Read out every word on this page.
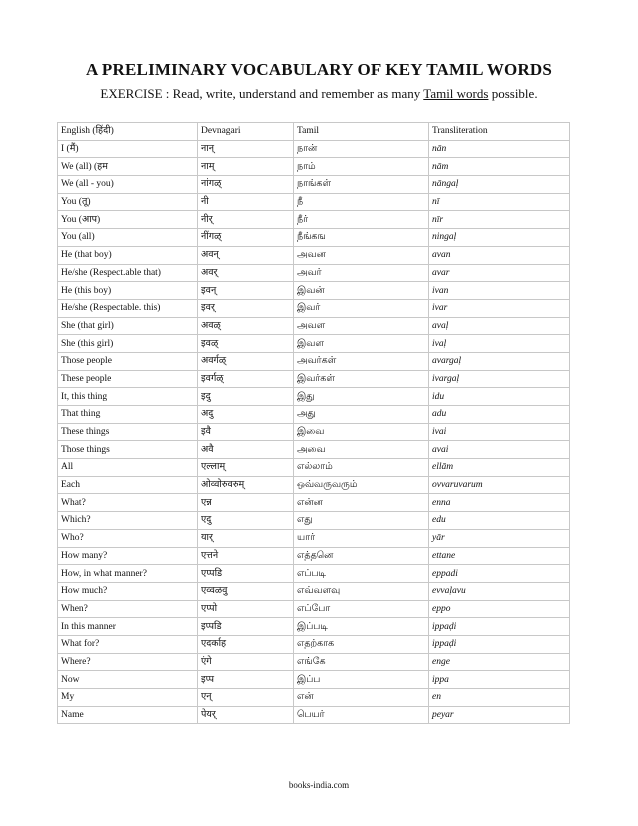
A PRELIMINARY VOCABULARY OF KEY TAMIL WORDS
EXERCISE : Read, write, understand and remember as many Tamil words possible.
English (हिंदी)	Devnagari	Tamil	Transliteration
I (मैं)	नान्	நான்	nān
We (all) (हम	नाम्	நாம்	nām
We (all - you)	नांगळ्	நாங்கள்	nāngaḷ
You (तू)	नी	நீ	nī
You (आप)	नीर्	நீர்	nīr
You (all)	नींगळ्	நீங்கங	ningaḷ
He (that boy)	अवन्	அவன	avan
He/she (Respect.able that)	अवर्	அவர்	avar
He (this boy)	इवन्	இவன்	ivan
He/she (Respectable. this)	इवर्	இவர்	ivar
She (that girl)	अवळ्	அவள	avaḷ
She (this girl)	इवळ्	இவள	ivaḷ
Those people	अवर्गळ्	அவர்கள்	avargaḷ
These people	इवर्गळ्	இவர்கள்	ivargaḷ
It, this thing	इदु	இது	idu
That thing	अदु	அது	adu
These things	इवै	இவை	ivai
Those things	अवै	அவை	avai
All	एल्लाम्	எல்லாம்	ellām
Each	ओव्वोरुवरुम्	ஒவ்வருவரும்	ovvaruvarum
What?	एन्न	என்ன	enna
Which?	एदु	எது	edu
Who?	यार्	யார்	yār
How many?	एत्तने	எத்தனெ	ettane
How, in what manner?	एप्पडि	எப்படி	eppadi
How much?	एव्वळवु	எவ்வளவு	evvaḷavu
When?	एप्पो	எப்போ	eppo
In this manner	इप्पडि	இப்படி	ippaḍi
What for?	एदर्काह	எதற்காக	ippaḍi
Where?	एंगे	எங்கே	enge
Now	इप्प	இப்ப	ippa
My	एन्	என்	en
Name	पेयर्	பெயர்	peyar
books-india.com
